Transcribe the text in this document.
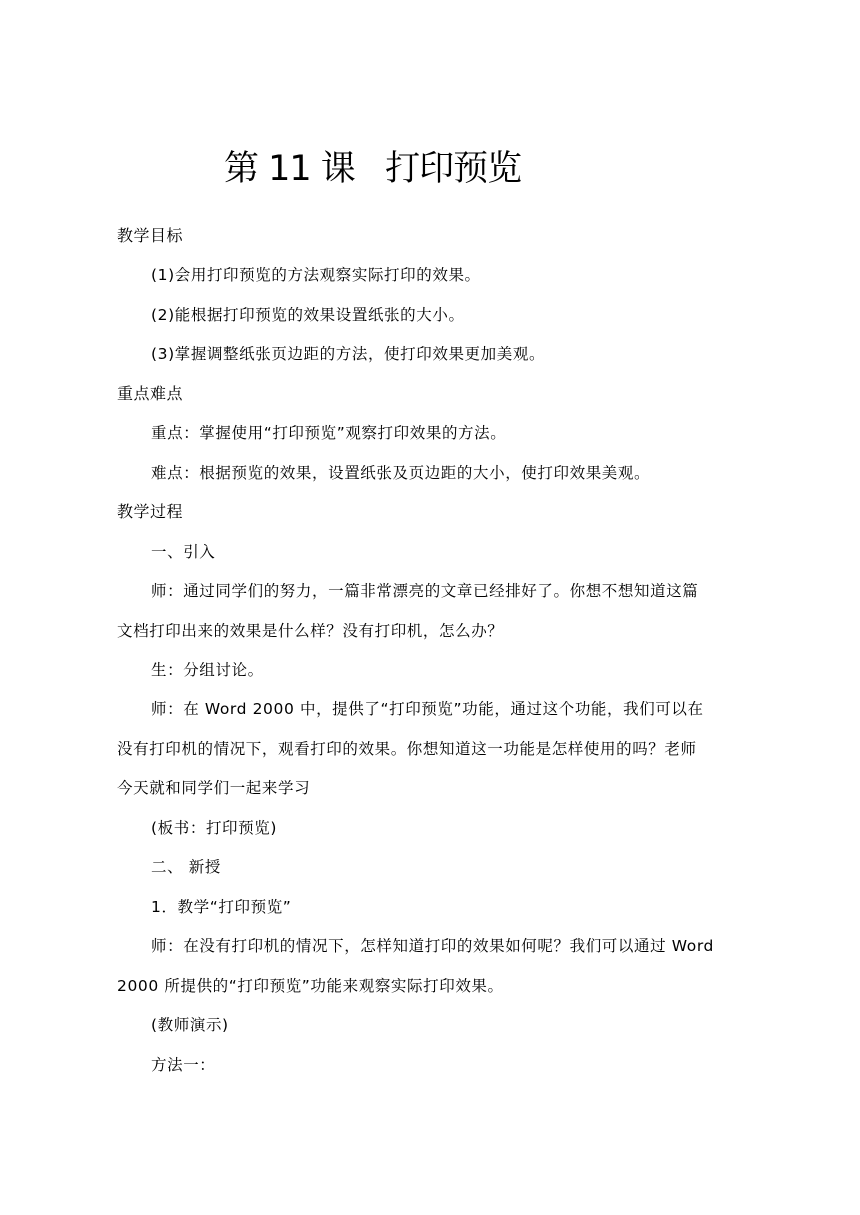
第 11 课   打印预览
教学目标
(1)会用打印预览的方法观察实际打印的效果。
(2)能根据打印预览的效果设置纸张的大小。
(3)掌握调整纸张页边距的方法，使打印效果更加美观。
重点难点
重点：掌握使用“打印预览”观察打印效果的方法。
难点：根据预览的效果，设置纸张及页边距的大小，使打印效果美观。
教学过程
一、引入
师：通过同学们的努力，一篇非常漂亮的文章已经排好了。你想不想知道这篇
文档打印出来的效果是什么样？没有打印机，怎么办？
生：分组讨论。
师：在 Word 2000 中，提供了“打印预览”功能，通过这个功能，我们可以在
没有打印机的情况下，观看打印的效果。你想知道这一功能是怎样使用的吗？老师
今天就和同学们一起来学习
(板书：打印预览)
二、 新授
1．教学“打印预览”
师：在没有打印机的情况下，怎样知道打印的效果如何呢？我们可以通过 Word
2000 所提供的“打印预览”功能来观察实际打印效果。
(教师演示)
方法一：
